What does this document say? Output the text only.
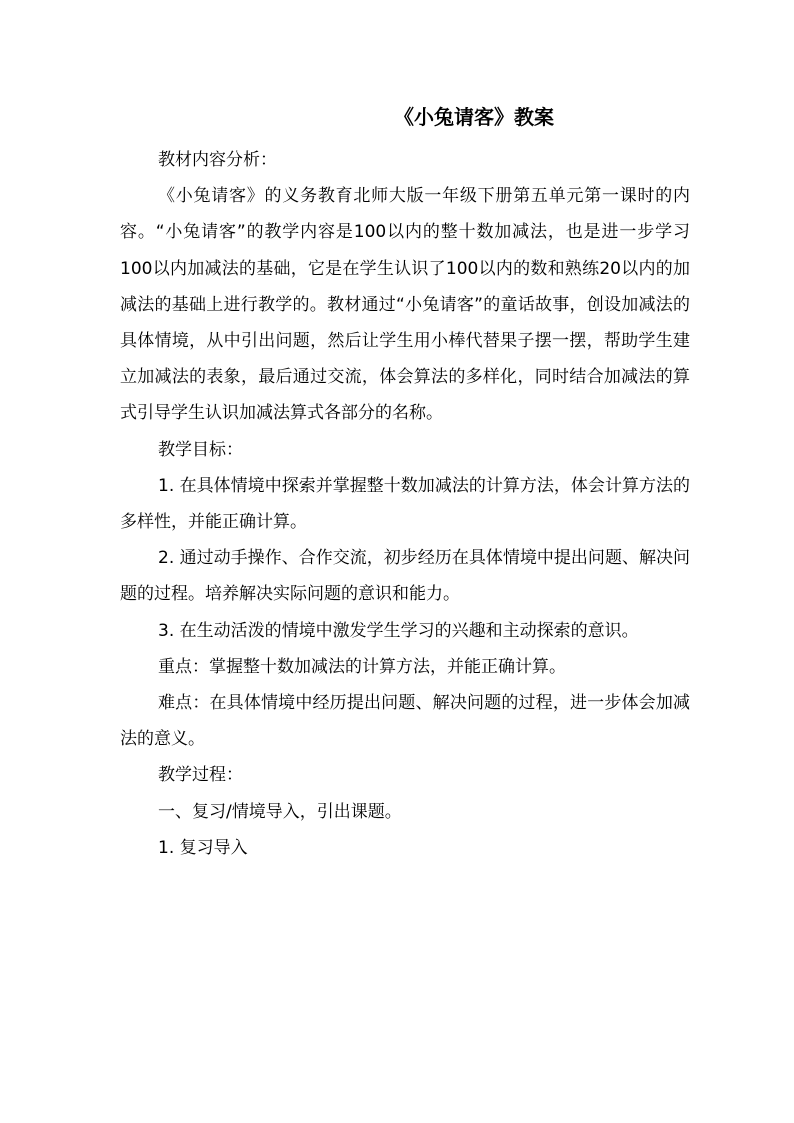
《小兔请客》教案

教材内容分析：

《小兔请客》的义务教育北师大版一年级下册第五单元第一课时的内容。“小兔请客”的教学内容是100以内的整十数加减法，也是进一步学习100以内加减法的基础，它是在学生认识了100以内的数和熟练20以内的加减法的基础上进行教学的。教材通过“小兔请客”的童话故事，创设加减法的具体情境，从中引出问题，然后让学生用小棒代替果子摆一摆，帮助学生建立加减法的表象，最后通过交流，体会算法的多样化，同时结合加减法的算式引导学生认识加减法算式各部分的名称。

教学目标：

1. 在具体情境中探索并掌握整十数加减法的计算方法，体会计算方法的多样性，并能正确计算。

2. 通过动手操作、合作交流，初步经历在具体情境中提出问题、解决问题的过程。培养解决实际问题的意识和能力。

3. 在生动活泼的情境中激发学生学习的兴趣和主动探索的意识。

重点：掌握整十数加减法的计算方法，并能正确计算。

难点：在具体情境中经历提出问题、解决问题的过程，进一步体会加减法的意义。

教学过程：

一、复习/情境导入，引出课题。

1. 复习导入
